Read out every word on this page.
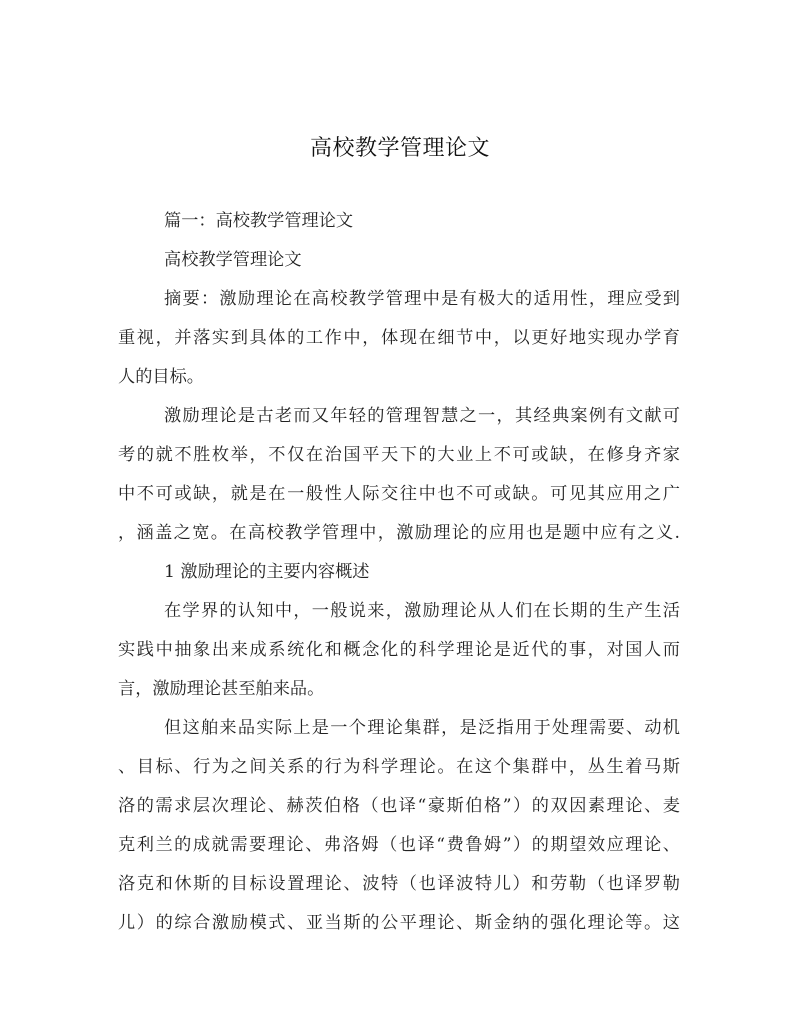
高校教学管理论文
篇一：高校教学管理论文
高校教学管理论文
摘要：激励理论在高校教学管理中是有极大的适用性，理应受到
重视，并落实到具体的工作中，体现在细节中，以更好地实现办学育
人的目标。
激励理论是古老而又年轻的管理智慧之一，其经典案例有文献可
考的就不胜枚举，不仅在治国平天下的大业上不可或缺，在修身齐家
中不可或缺，就是在一般性人际交往中也不可或缺。可见其应用之广
，涵盖之宽。在高校教学管理中，激励理论的应用也是题中应有之义.
1 激励理论的主要内容概述
在学界的认知中，一般说来，激励理论从人们在长期的生产生活
实践中抽象出来成系统化和概念化的科学理论是近代的事，对国人而
言，激励理论甚至舶来品。
但这舶来品实际上是一个理论集群，是泛指用于处理需要、动机
、目标、行为之间关系的行为科学理论。在这个集群中，丛生着马斯
洛的需求层次理论、赫茨伯格（也译“豪斯伯格”）的双因素理论、麦
克利兰的成就需要理论、弗洛姆（也译“费鲁姆”）的期望效应理论、
洛克和休斯的目标设置理论、波特（也译波特儿）和劳勒（也译罗勒
儿）的综合激励模式、亚当斯的公平理论、斯金纳的强化理论等。这
